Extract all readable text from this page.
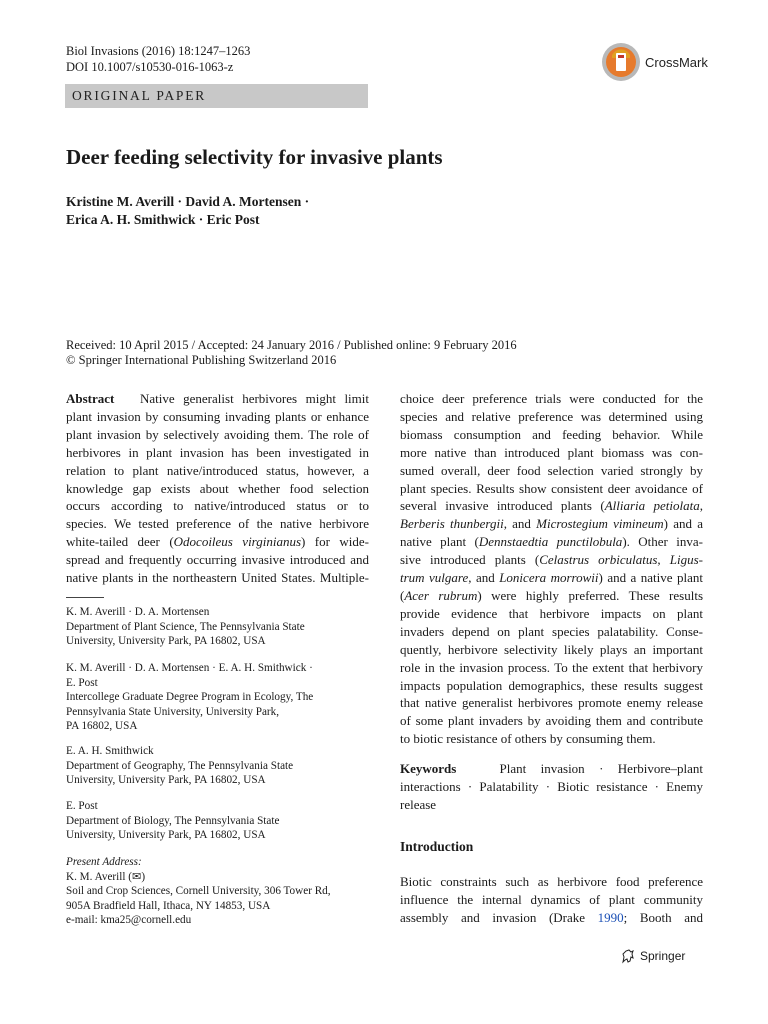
Biol Invasions (2016) 18:1247–1263
DOI 10.1007/s10530-016-1063-z	CrossMark
ORIGINAL PAPER
Deer feeding selectivity for invasive plants
Kristine M. Averill · David A. Mortensen ·
Erica A. H. Smithwick · Eric Post
Received: 10 April 2015 / Accepted: 24 January 2016 / Published online: 9 February 2016
© Springer International Publishing Switzerland 2016
Abstract Native generalist herbivores might limit
plant invasion by consuming invading plants or enhance
plant invasion by selectively avoiding them. The role of
herbivores in plant invasion has been investigated in
relation to plant native/introduced status, however, a
knowledge gap exists about whether food selection
occurs according to native/introduced status or to
species. We tested preference of the native herbivore
white-tailed deer (Odocoileus virginianus) for wide-
spread and frequently occurring invasive introduced and
native plants in the northeastern United States. Multiple-
K. M. Averill · D. A. Mortensen
Department of Plant Science, The Pennsylvania State
University, University Park, PA 16802, USA
K. M. Averill · D. A. Mortensen · E. A. H. Smithwick ·
E. Post
Intercollege Graduate Degree Program in Ecology, The
Pennsylvania State University, University Park,
PA 16802, USA
E. A. H. Smithwick
Department of Geography, The Pennsylvania State
University, University Park, PA 16802, USA
E. Post
Department of Biology, The Pennsylvania State
University, University Park, PA 16802, USA
Present Address:
K. M. Averill (✉)
Soil and Crop Sciences, Cornell University, 306 Tower Rd,
905A Bradfield Hall, Ithaca, NY 14853, USA
e-mail: kma25@cornell.edu
choice deer preference trials were conducted for the
species and relative preference was determined using
biomass consumption and feeding behavior. While
more native than introduced plant biomass was con-
sumed overall, deer food selection varied strongly by
plant species. Results show consistent deer avoidance of
several invasive introduced plants (Alliaria petiolata,
Berberis thunbergii, and Microstegium vimineum) and a
native plant (Dennstaedtia punctilobula). Other inva-
sive introduced plants (Celastrus orbiculatus, Ligus-
trum vulgare, and Lonicera morrowii) and a native plant
(Acer rubrum) were highly preferred. These results
provide evidence that herbivore impacts on plant
invaders depend on plant species palatability. Conse-
quently, herbivore selectivity likely plays an important
role in the invasion process. To the extent that herbivory
impacts population demographics, these results suggest
that native generalist herbivores promote enemy release
of some plant invaders by avoiding them and contribute
to biotic resistance of others by consuming them.
Keywords	Plant invasion · Herbivore–plant
interactions · Palatability · Biotic resistance · Enemy
release
Introduction
Biotic constraints such as herbivore food preference
influence the internal dynamics of plant community
assembly and invasion (Drake 1990; Booth and
Springer
